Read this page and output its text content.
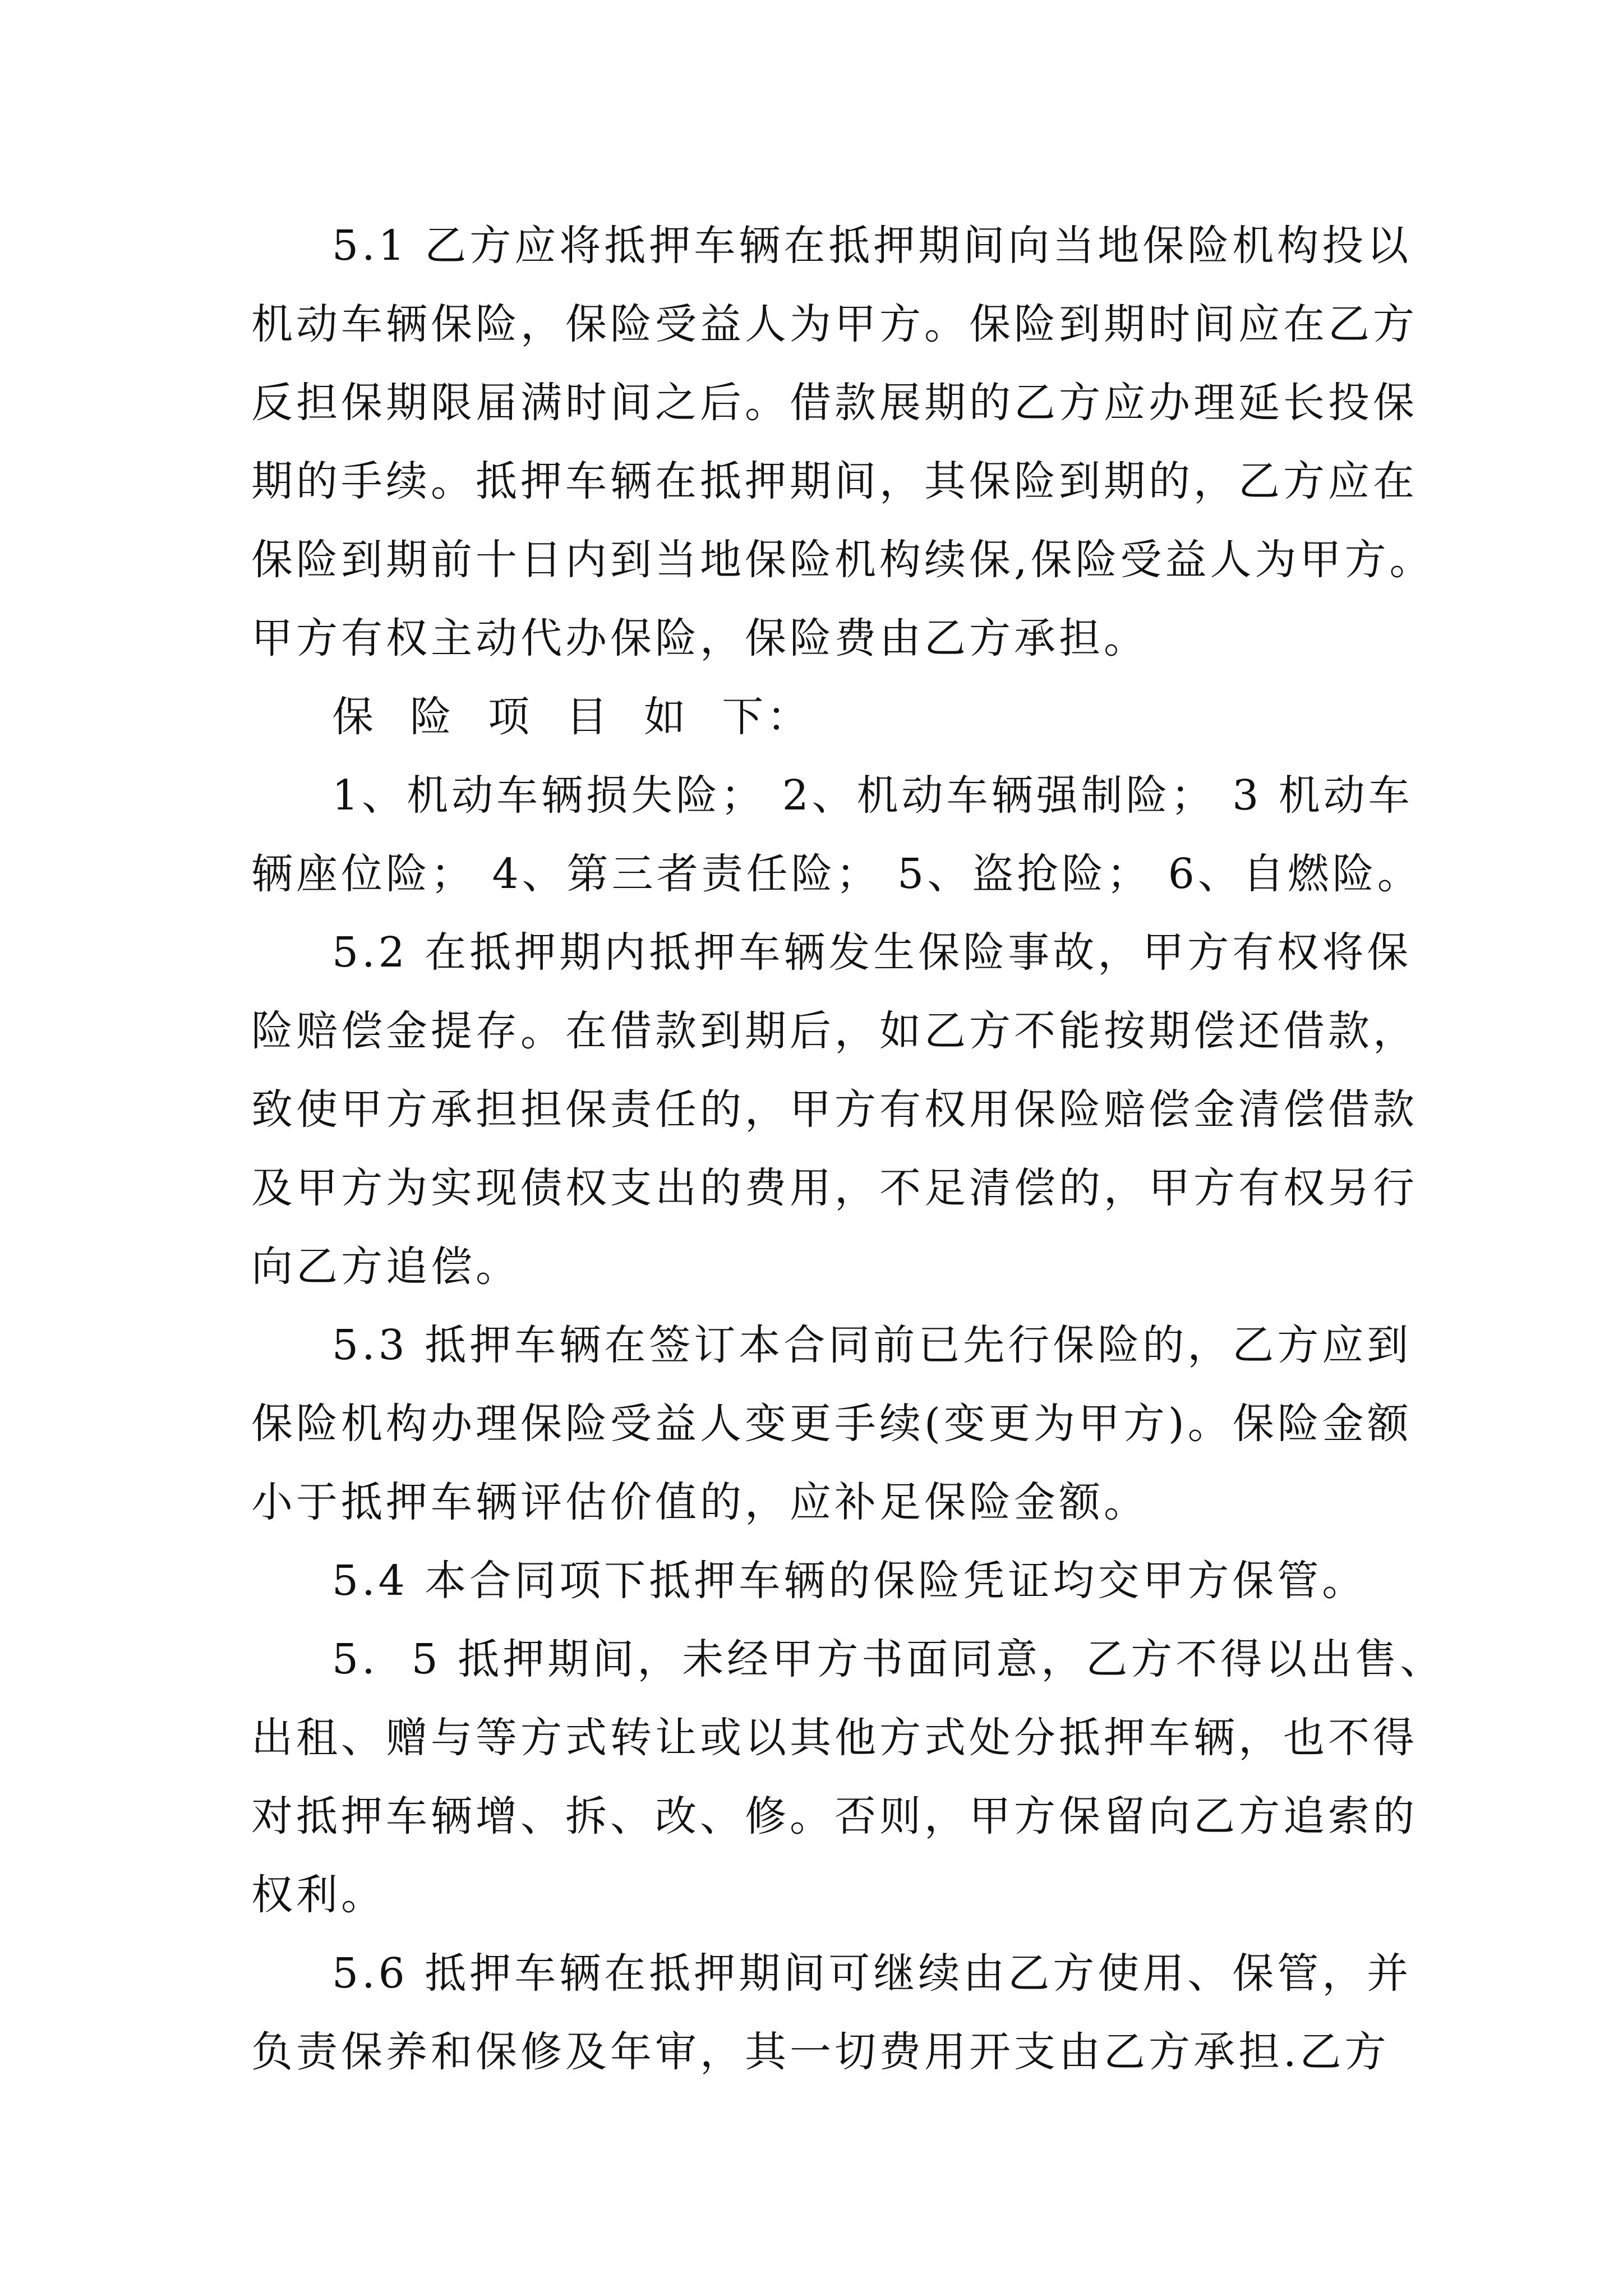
5.1 乙方应将抵押车辆在抵押期间向当地保险机构投以
机动车辆保险，保险受益人为甲方。保险到期时间应在乙方
反担保期限届满时间之后。借款展期的乙方应办理延长投保
期的手续。抵押车辆在抵押期间，其保险到期的，乙方应在
保险到期前十日内到当地保险机构续保,保险受益人为甲方。
甲方有权主动代办保险，保险费由乙方承担。
保  险  项  目  如  下：
1、机动车辆损失险； 2、机动车辆强制险； 3 机动车
辆座位险； 4、第三者责任险； 5、盗抢险； 6、自燃险。
5.2 在抵押期内抵押车辆发生保险事故，甲方有权将保
险赔偿金提存。在借款到期后，如乙方不能按期偿还借款，
致使甲方承担担保责任的，甲方有权用保险赔偿金清偿借款
及甲方为实现债权支出的费用，不足清偿的，甲方有权另行
向乙方追偿。
5.3 抵押车辆在签订本合同前已先行保险的，乙方应到
保险机构办理保险受益人变更手续(变更为甲方)。保险金额
小于抵押车辆评估价值的，应补足保险金额。
5.4 本合同项下抵押车辆的保险凭证均交甲方保管。
5.  5 抵押期间，未经甲方书面同意，乙方不得以出售、
出租、赠与等方式转让或以其他方式处分抵押车辆，也不得
对抵押车辆增、拆、改、修。否则，甲方保留向乙方追索的
权利。
5.6 抵押车辆在抵押期间可继续由乙方使用、保管，并
负责保养和保修及年审，其一切费用开支由乙方承担.乙方
